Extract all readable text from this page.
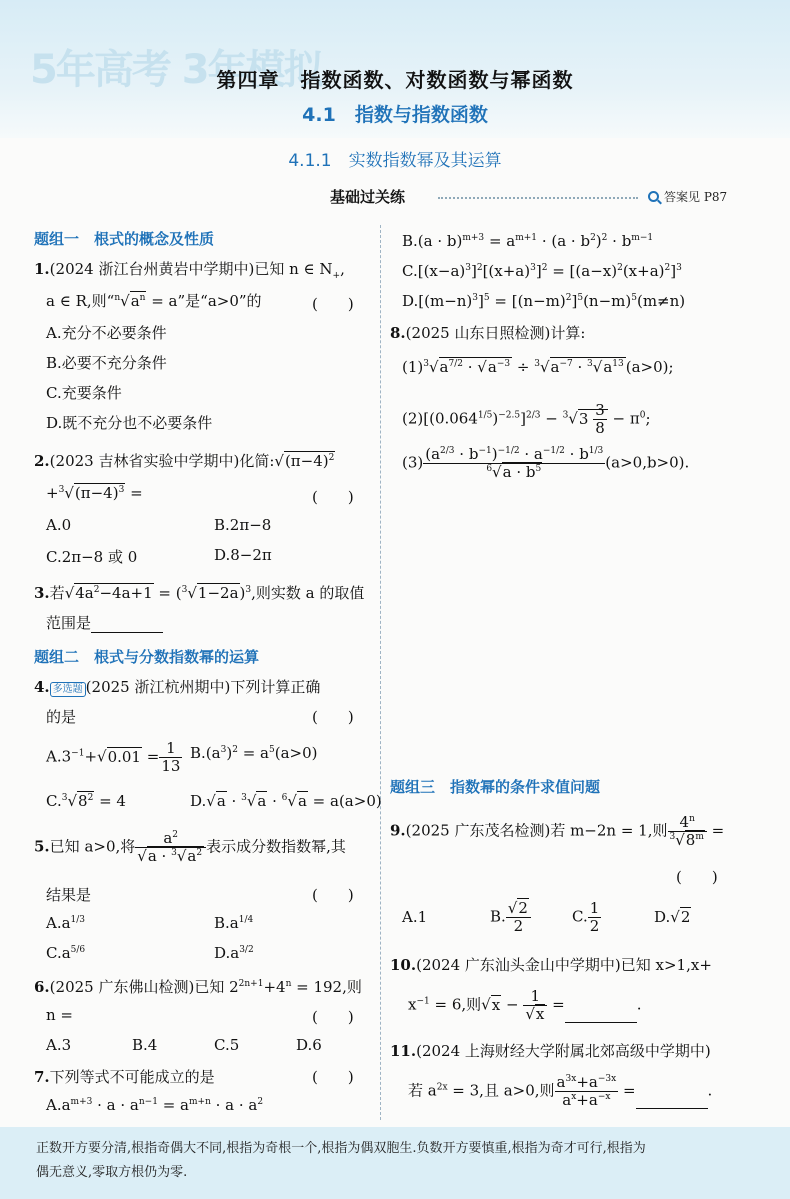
5年高考 3年模拟
第四章　指数函数、对数函数与幂函数
4.1　指数与指数函数
4.1.1　实数指数幂及其运算
基础过关练	答案见 P87
题组一　根式的概念及性质
1.(2024 浙江台州黄岩中学期中)已知 n ∈ $N_+$,
a ∈ R,则“$^n√a^n = a$”是“a>0”的	(　　)
A.充分不必要条件
B.必要不充分条件
C.充要条件
D.既不充分也不必要条件
2.(2023 吉林省实验中学期中)化简$:√(\pi-4)^2$
$+^3√(\pi-4)^3$ =	(　　)
A.0	B.2π−8
C.2π−8 或 0	D.8−2π
3.若$√4a^2-4a+1 = (^3√1-2a)^3$,则实数 a 的取值
范围是
题组二　根式与分数指数幂的运算
4. 多选题 (2025 浙江杭州期中)下列计算正确
的是	(　　)
$A.3^{-1}+√0.01 = \frac{1}{13} B.(a^3)^2 = a^5(a>0)$
$C.^3√8^2 = 4$	D.√a · $^3$√a · $^6$√a = a(a>0)
5.已知 a>0,将 $\frac{a^2}{√a \cdot ^3√a^2}$ 表示成分数指数幂,其
结果是	(　　)
$A.a^{1/3}$	$B.a^{1/4}$
$C.a^{5/6}$	$D.a^{3/2}$
6.(2025 广东佛山检测)已知 $2^{2n+1}+4^n = 192$,则
n =	(　　)
A.3	B.4	C.5	D.6
7.下列等式不可能成立的是	(　　)
$A.a^{m+3} \cdot a \cdot a^{n-1} = a^{m+n} \cdot a \cdot a^2$
$B.(a \cdot b)^{m+3} = a^{m+1} \cdot (a \cdot b^2)^2 \cdot b^{m-1}$
$C.[(x-a)^3]^2[(x+a)^3]^2 = [(a-x)^2(x+a)^2]^3$
$D.[(m-n)^3]^5 = [(n-m)^2]^5(n-m)^5(m\ne n)$
8.(2025 山东日照检测)计算:
$(1)^3√a^{7/2} \cdot √a^{-3} \div ^3√a^{-7} \cdot ^3√a^{13}$ (a>0);
$(2)[(0.064^{1/5})^{-2.5}]^{2/3} - ^3√3 \frac{3}{8} - \pi^0$;
$(3) \frac{(a^{2/3} \cdot b^{-1})^{-1/2} \cdot a^{-1/2} \cdot b^{1/3}}{^6√a \cdot b^5} (a>0,b>0)$.
题组三　指数幂的条件求值问题
9.(2025 广东茂名检测)若 m−2n = 1,则 $\frac{4^n}{^3√8^m}$ =
(　　)
A.1	B. $\frac{√2}{2}$	C. $\frac{1}{2}$	D.√2
10.(2024 广东汕头金山中学期中)已知 x>1,x+
$x^{-1} = 6$,则$√x - \frac{1}{√x}$ =	.
11.(2024 上海财经大学附属北郊高级中学期中)
若 $a^{2x} = 3$,且 a>0,则 $\frac{a^{3x}+a^{-3x}}{a^x+a^{-x}}$ =	.
正数开方要分清,根指奇偶大不同,根指为奇根一个,根指为偶双胞生.负数开方要慎重,根指为奇才可行,根指为
偶无意义,零取方根仍为零.
